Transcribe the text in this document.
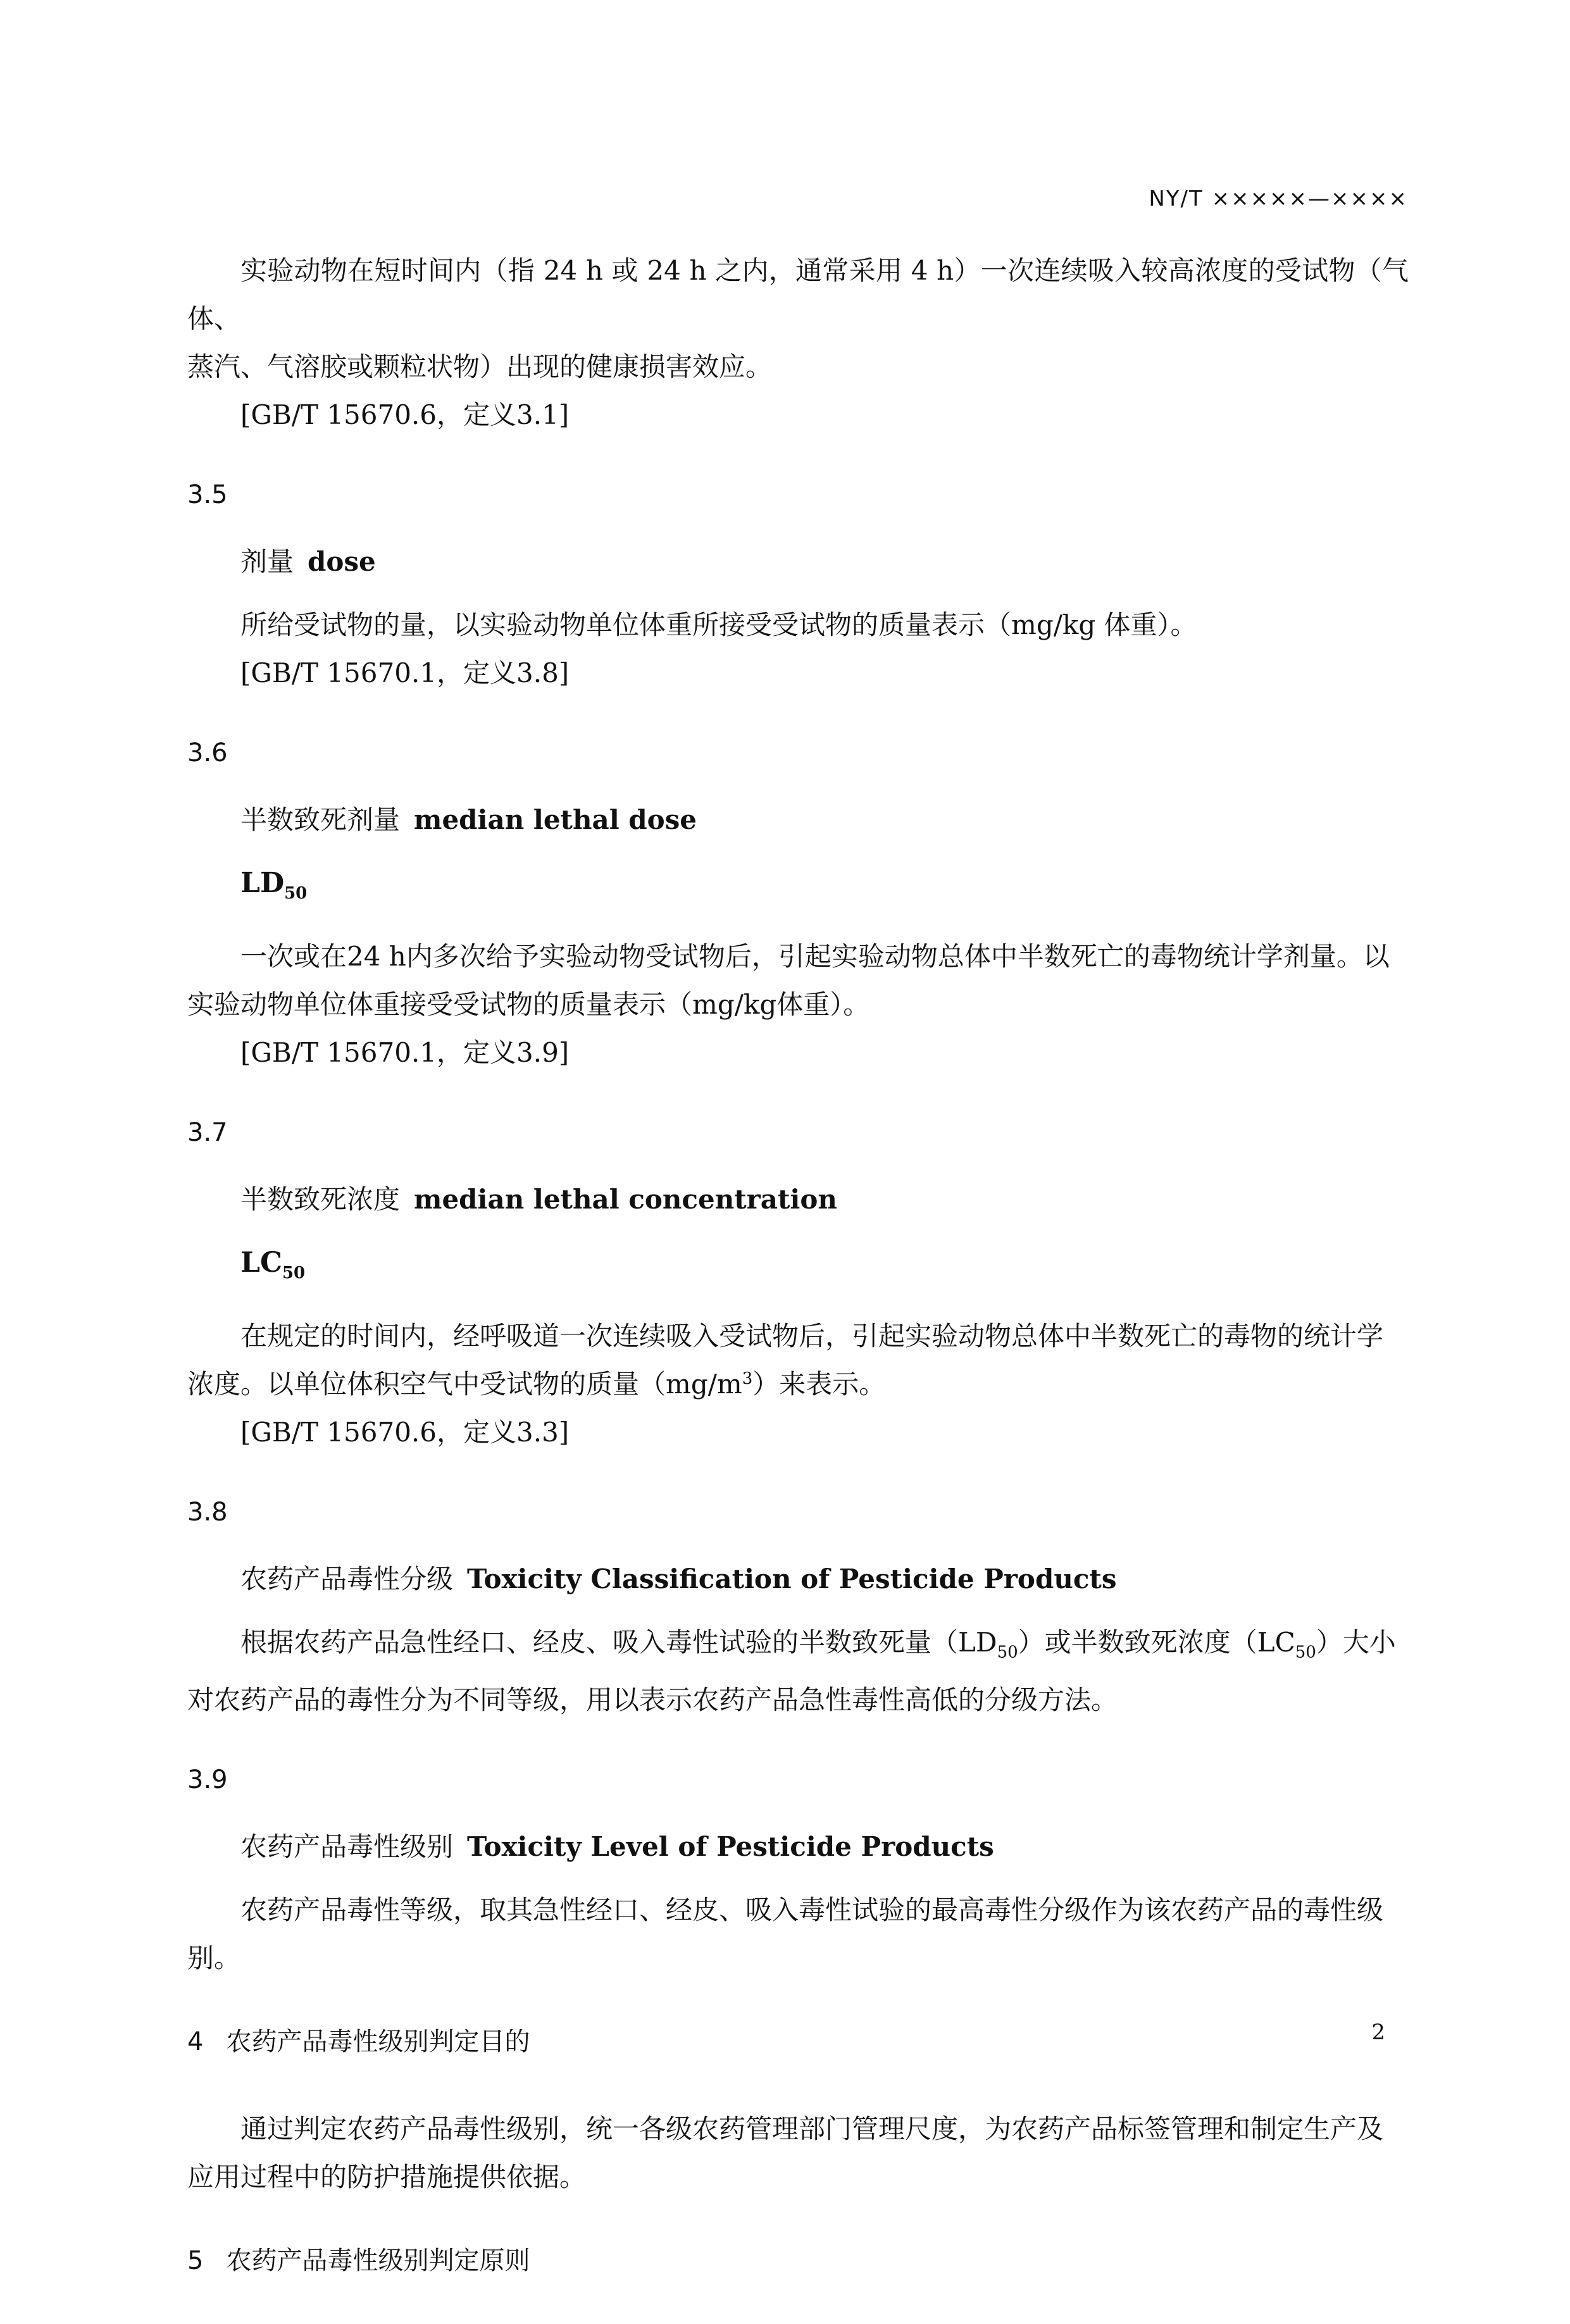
NY/T ×××××—××××

实验动物在短时间内（指 24 h 或 24 h 之内，通常采用 4 h）一次连续吸入较高浓度的受试物（气体、
蒸汽、气溶胶或颗粒状物）出现的健康损害效应。

[GB/T 15670.6，定义3.1]

3.5
剂量 dose

所给受试物的量，以实验动物单位体重所接受受试物的质量表示（mg/kg 体重）。

[GB/T 15670.1，定义3.8]

3.6
半数致死剂量 median lethal dose
$LD_{50}$

一次或在24 h内多次给予实验动物受试物后，引起实验动物总体中半数死亡的毒物统计学剂量。以
实验动物单位体重接受受试物的质量表示（mg/kg体重）。

[GB/T 15670.1，定义3.9]

3.7
半数致死浓度 median lethal concentration
$LC_{50}$

在规定的时间内，经呼吸道一次连续吸入受试物后，引起实验动物总体中半数死亡的毒物的统计学
浓度。以单位体积空气中受试物的质量$(mg/m^3)$来表示。

[GB/T 15670.6，定义3.3]

3.8
农药产品毒性分级 Toxicity Classification of Pesticide Products

根据农药产品急性经口、经皮、吸入毒性试验的半数致死量$(LD_{50})$或半数致死浓度$(LC_{50})$大小
对农药产品的毒性分为不同等级，用以表示农药产品急性毒性高低的分级方法。

3.9
农药产品毒性级别 Toxicity Level of Pesticide Products

农药产品毒性等级，取其急性经口、经皮、吸入毒性试验的最高毒性分级作为该农药产品的毒性级
别。

4 农药产品毒性级别判定目的

通过判定农药产品毒性级别，统一各级农药管理部门管理尺度，为农药产品标签管理和制定生产及
应用过程中的防护措施提供依据。

5 农药产品毒性级别判定原则
2
